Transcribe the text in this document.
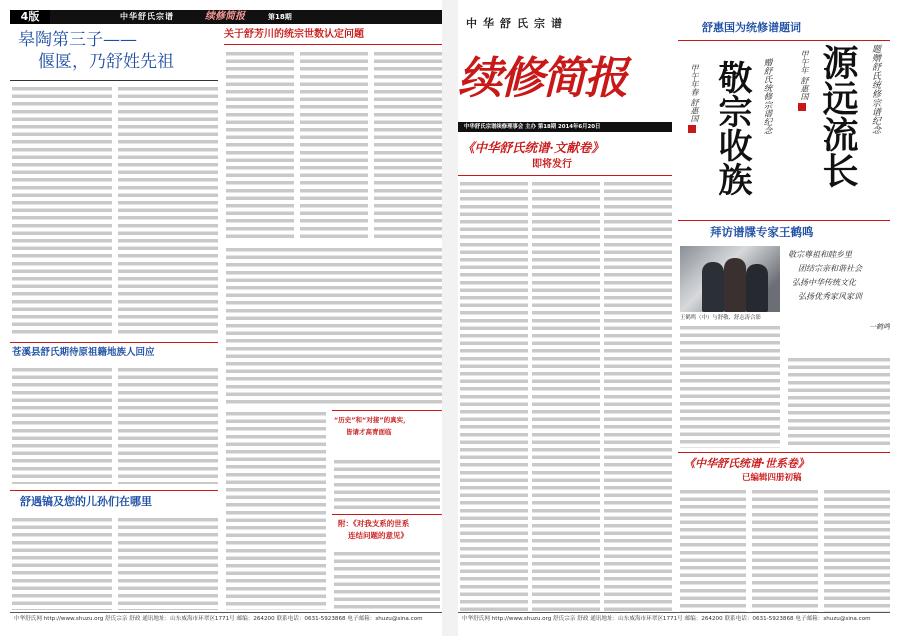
4版	中华舒氏宗谱	续修简报	第18期
皋陶第三子——
偃匽，乃舒姓先祖
关于舒芳川的统宗世数认定问题
苍溪县舒氏期待原祖籍地族人回应
舒遇镐及您的儿孙们在哪里
“历史”和“对接”的真实，
皆请才高青面临
附：《对我支系的世系
连结问题的意见》
中华舒氏网 http://www.shuzu.org 舒氏宗亲 舒政 通讯地址：山东威海市环翠区1771号 邮编：264200 联系电话：0631-5923868 电子邮箱：shuzu@sina.com
中华舒氏宗谱
续修简报
中华舒氏宗谱续修理事会 主办 第18期 2014年6月20日
《中华舒氏统谱·文献卷》
即将发行
舒惠国为统修谱题词
源远流长 题赠舒氏统修宗谱纪念
甲午年 舒惠国
敬宗收族 赠舒氏统修宗谱纪念
甲午年春 舒惠国
拜访谱牒专家王鹤鸣
王鹤鸣（中）与舒敬、舒志涛合影
敬宗尊祖和睦乡里
团结宗亲和谐社会
弘扬中华传统文化
弘扬优秀家风家训
一鹤鸣
《中华舒氏统谱·世系卷》
已编辑四册初稿
中华舒氏网 http://www.shuzu.org 舒氏宗亲 舒政 通讯地址：山东威海市环翠区1771号 邮编：264200 联系电话：0631-5923868 电子邮箱：shuzu@sina.com
